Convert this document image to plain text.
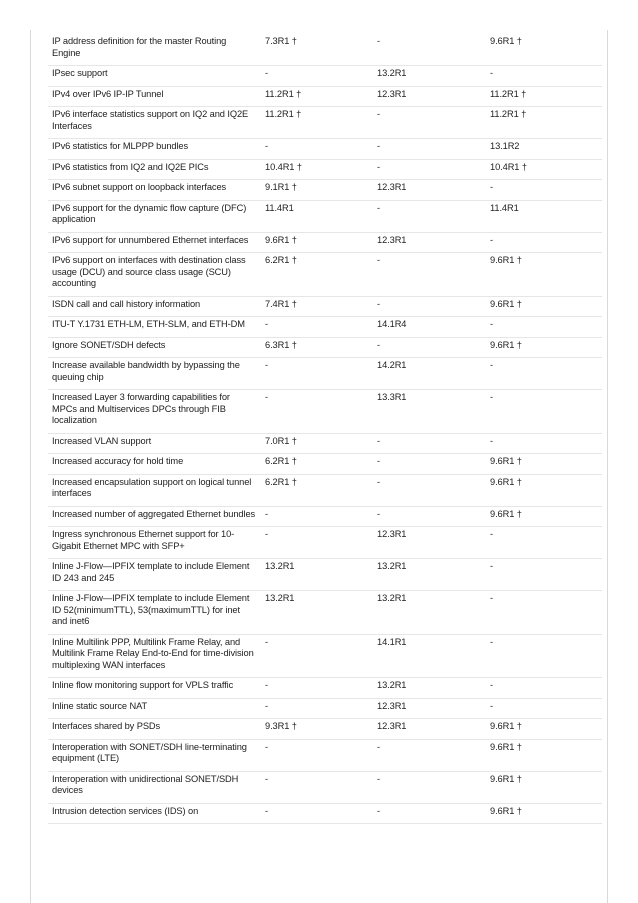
IP address definition for the master Routing Engine	7.3R1 †	-	9.6R1 †
IPsec support	-	13.2R1	-
IPv4 over IPv6 IP-IP Tunnel	11.2R1 †	12.3R1	11.2R1 †
IPv6 interface statistics support on IQ2 and IQ2E Interfaces	11.2R1 †	-	11.2R1 †
IPv6 statistics for MLPPP bundles	-	-	13.1R2
IPv6 statistics from IQ2 and IQ2E PICs	10.4R1 †	-	10.4R1 †
IPv6 subnet support on loopback interfaces	9.1R1 †	12.3R1	-
IPv6 support for the dynamic flow capture (DFC) application	11.4R1	-	11.4R1
IPv6 support for unnumbered Ethernet interfaces	9.6R1 †	12.3R1	-
IPv6 support on interfaces with destination class usage (DCU) and source class usage (SCU) accounting	6.2R1 †	-	9.6R1 †
ISDN call and call history information	7.4R1 †	-	9.6R1 †
ITU-T Y.1731 ETH-LM, ETH-SLM, and ETH-DM	-	14.1R4	-
Ignore SONET/SDH defects	6.3R1 †	-	9.6R1 †
Increase available bandwidth by bypassing the queuing chip	-	14.2R1	-
Increased Layer 3 forwarding capabilities for MPCs and Multiservices DPCs through FIB localization	-	13.3R1	-
Increased VLAN support	7.0R1 †	-	-
Increased accuracy for hold time	6.2R1 †	-	9.6R1 †
Increased encapsulation support on logical tunnel interfaces	6.2R1 †	-	9.6R1 †
Increased number of aggregated Ethernet bundles	-	-	9.6R1 †
Ingress synchronous Ethernet support for 10-Gigabit Ethernet MPC with SFP+	-	12.3R1	-
Inline J-Flow—IPFIX template to include Element ID 243 and 245	13.2R1	13.2R1	-
Inline J-Flow—IPFIX template to include Element ID 52(minimumTTL), 53(maximumTTL) for inet and inet6	13.2R1	13.2R1	-
Inline Multilink PPP, Multilink Frame Relay, and Multilink Frame Relay End-to-End for time-division multiplexing WAN interfaces	-	14.1R1	-
Inline flow monitoring support for VPLS traffic	-	13.2R1	-
Inline static source NAT	-	12.3R1	-
Interfaces shared by PSDs	9.3R1 †	12.3R1	9.6R1 †
Interoperation with SONET/SDH line-terminating equipment (LTE)	-	-	9.6R1 †
Interoperation with unidirectional SONET/SDH devices	-	-	9.6R1 †
Intrusion detection services (IDS) on	-	-	9.6R1 †
